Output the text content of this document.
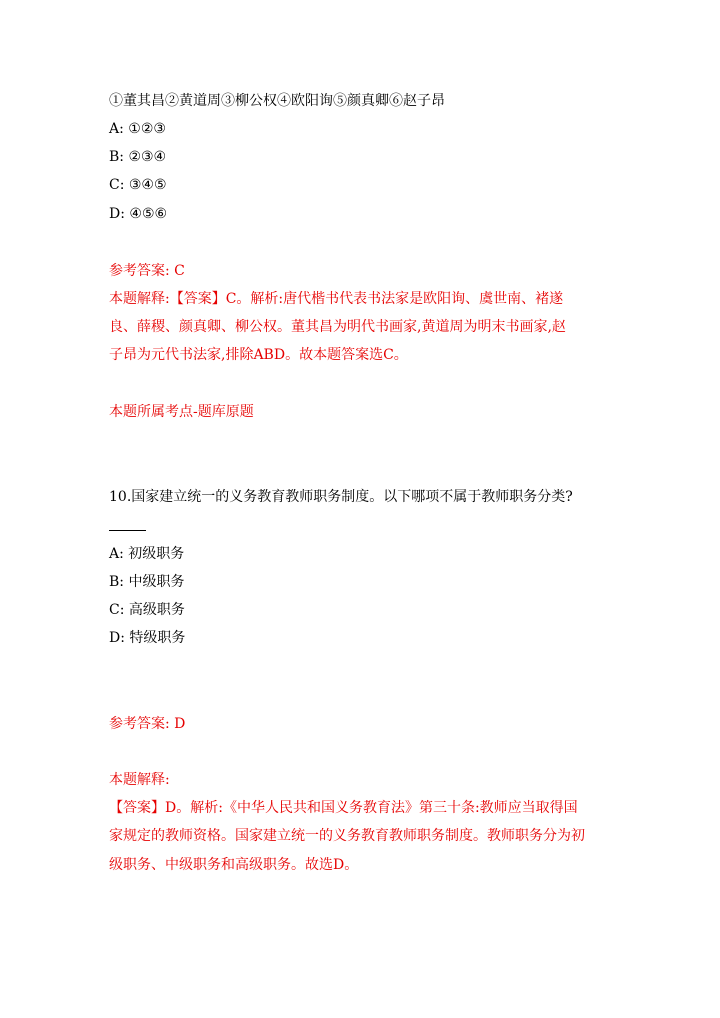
①董其昌②黄道周③柳公权④欧阳询⑤颜真卿⑥赵子昂

A: ①②③

B: ②③④

C: ③④⑤

D: ④⑤⑥

参考答案: C

本题解释:【答案】C。解析:唐代楷书代表书法家是欧阳询、虞世南、褚遂

良、薛稷、颜真卿、柳公权。董其昌为明代书画家,黄道周为明末书画家,赵

子昂为元代书法家,排除ABD。故本题答案选C。

本题所属考点-题库原题

10.国家建立统一的义务教育教师职务制度。以下哪项不属于教师职务分类?

A: 初级职务

B: 中级职务

C: 高级职务

D: 特级职务

参考答案: D

本题解释:

【答案】D。解析:《中华人民共和国义务教育法》第三十条:教师应当取得国

家规定的教师资格。国家建立统一的义务教育教师职务制度。教师职务分为初

级职务、中级职务和高级职务。故选D。
